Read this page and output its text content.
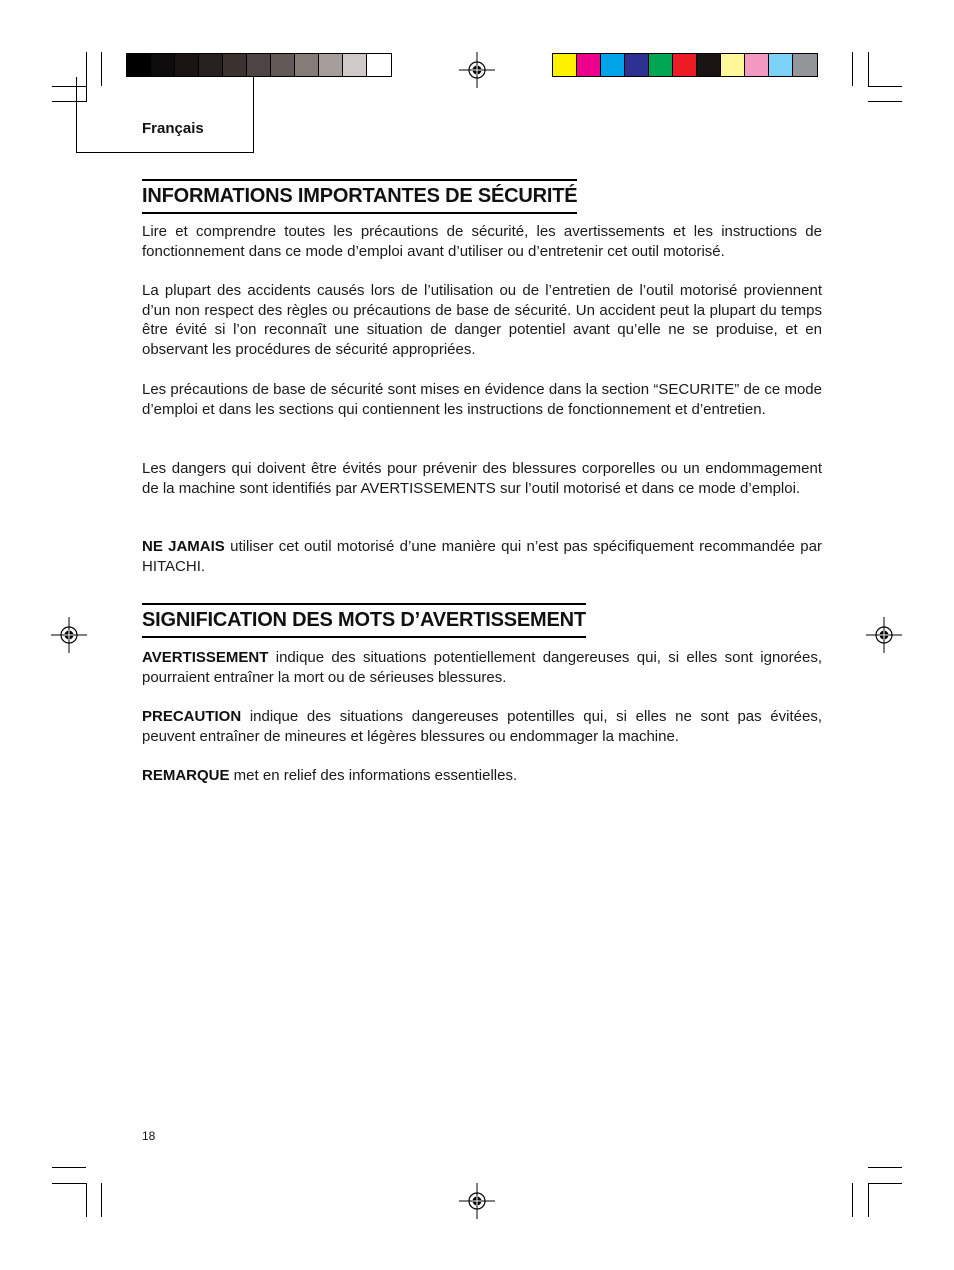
Français
INFORMATIONS IMPORTANTES DE SÉCURITÉ

Lire et comprendre toutes les précautions de sécurité, les avertissements et les instructions de fonctionnement dans ce mode d’emploi avant d’utiliser ou d’entretenir cet outil motorisé.

La plupart des accidents causés lors de l’utilisation ou de l’entretien de l’outil motorisé proviennent d’un non respect des règles ou précautions de base de sécurité. Un accident peut la plupart du temps être évité si l’on reconnaît une situation de danger potentiel avant qu’elle ne se produise, et en observant les procédures de sécurité appropriées.

Les précautions de base de sécurité sont mises en évidence dans la section “SECURITE” de ce mode d’emploi et dans les sections qui contiennent les instructions de fonctionnement et d’entretien.

Les dangers qui doivent être évités pour prévenir des blessures corporelles ou un endommagement de la machine sont identifiés par AVERTISSEMENTS sur l’outil motorisé et dans ce mode d’emploi.

NE JAMAIS utiliser cet outil motorisé d’une manière qui n’est pas spécifiquement recommandée par HITACHI.

SIGNIFICATION DES MOTS D’AVERTISSEMENT

AVERTISSEMENT indique des situations potentiellement dangereuses qui, si elles sont ignorées, pourraient entraîner la mort ou de sérieuses blessures.

PRECAUTION indique des situations dangereuses potentilles qui, si elles ne sont pas évitées, peuvent entraîner de mineures et légères blessures ou endommager la machine.

REMARQUE met en relief des informations essentielles.

18
